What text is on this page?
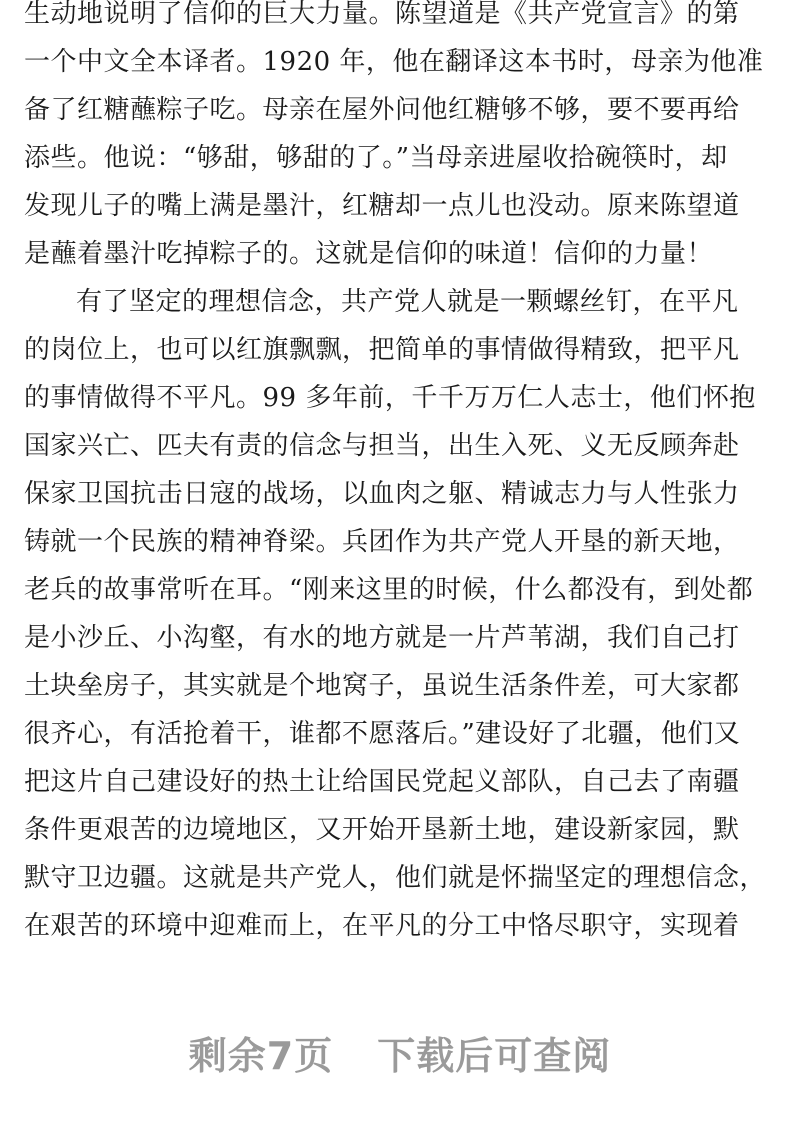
生动地说明了信仰的巨大力量。陈望道是《共产党宣言》的第
一个中文全本译者。1920 年，他在翻译这本书时，母亲为他准
备了红糖蘸粽子吃。母亲在屋外问他红糖够不够，要不要再给
添些。他说：“够甜，够甜的了。”当母亲进屋收拾碗筷时，却
发现儿子的嘴上满是墨汁，红糖却一点儿也没动。原来陈望道
是蘸着墨汁吃掉粽子的。这就是信仰的味道！信仰的力量！
有了坚定的理想信念，共产党人就是一颗螺丝钉，在平凡
的岗位上，也可以红旗飘飘，把简单的事情做得精致，把平凡
的事情做得不平凡。99 多年前，千千万万仁人志士，他们怀抱
国家兴亡、匹夫有责的信念与担当，出生入死、义无反顾奔赴
保家卫国抗击日寇的战场，以血肉之躯、精诚志力与人性张力
铸就一个民族的精神脊梁。兵团作为共产党人开垦的新天地，
老兵的故事常听在耳。“刚来这里的时候，什么都没有，到处都
是小沙丘、小沟壑，有水的地方就是一片芦苇湖，我们自己打
土块垒房子，其实就是个地窝子，虽说生活条件差，可大家都
很齐心，有活抢着干，谁都不愿落后。”建设好了北疆，他们又
把这片自己建设好的热土让给国民党起义部队，自己去了南疆
条件更艰苦的边境地区，又开始开垦新土地，建设新家园，默
默守卫边疆。这就是共产党人，他们就是怀揣坚定的理想信念，
在艰苦的环境中迎难而上，在平凡的分工中恪尽职守，实现着
剩余7页 下载后可查阅
